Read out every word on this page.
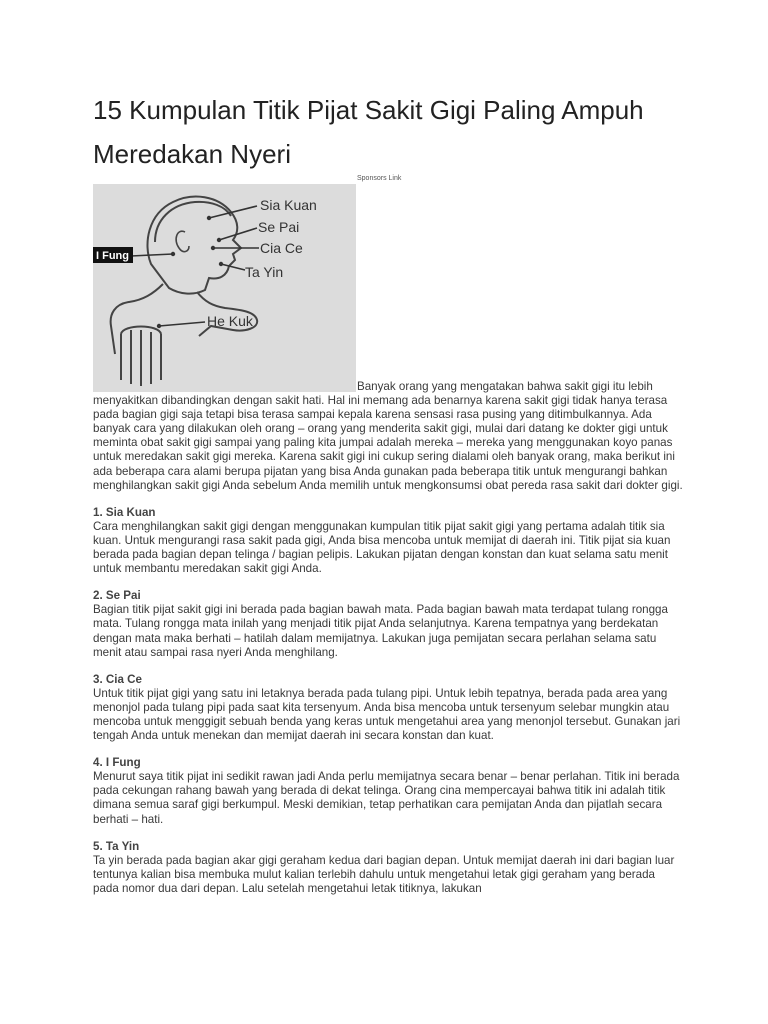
15 Kumpulan Titik Pijat Sakit Gigi Paling Ampuh Meredakan Nyeri
Sponsors Link
Sia Kuan
Se Pai
Cia Ce
Ta Yin
He Kuk
I Fung

Banyak orang yang mengatakan bahwa sakit gigi itu lebih menyakitkan dibandingkan dengan sakit hati. Hal ini memang ada benarnya karena sakit gigi tidak hanya terasa pada bagian gigi saja tetapi bisa terasa sampai kepala karena sensasi rasa pusing yang ditimbulkannya. Ada banyak cara yang dilakukan oleh orang – orang yang menderita sakit gigi, mulai dari datang ke dokter gigi untuk meminta obat sakit gigi sampai yang paling kita jumpai adalah mereka – mereka yang menggunakan koyo panas untuk meredakan sakit gigi mereka. Karena sakit gigi ini cukup sering dialami oleh banyak orang, maka berikut ini ada beberapa cara alami berupa pijatan yang bisa Anda gunakan pada beberapa titik untuk mengurangi bahkan menghilangkan sakit gigi Anda sebelum Anda memilih untuk mengkonsumsi obat pereda rasa sakit dari dokter gigi.

1. Sia Kuan

Cara menghilangkan sakit gigi dengan menggunakan kumpulan titik pijat sakit gigi yang pertama adalah titik sia kuan. Untuk mengurangi rasa sakit pada gigi, Anda bisa mencoba untuk memijat di daerah ini. Titik pijat sia kuan berada pada bagian depan telinga / bagian pelipis. Lakukan pijatan dengan konstan dan kuat selama satu menit untuk membantu meredakan sakit gigi Anda.

2. Se Pai

Bagian titik pijat sakit gigi ini berada pada bagian bawah mata. Pada bagian bawah mata terdapat tulang rongga mata. Tulang rongga mata inilah yang menjadi titik pijat Anda selanjutnya. Karena tempatnya yang berdekatan dengan mata maka berhati – hatilah dalam memijatnya. Lakukan juga pemijatan secara perlahan selama satu menit atau sampai rasa nyeri Anda menghilang.

3. Cia Ce

Untuk titik pijat gigi yang satu ini letaknya berada pada tulang pipi. Untuk lebih tepatnya, berada pada area yang menonjol pada tulang pipi pada saat kita tersenyum. Anda bisa mencoba untuk tersenyum selebar mungkin atau mencoba untuk menggigit sebuah benda yang keras untuk mengetahui area yang menonjol tersebut. Gunakan jari tengah Anda untuk menekan dan memijat daerah ini secara konstan dan kuat.

4. I Fung

Menurut saya titik pijat ini sedikit rawan jadi Anda perlu memijatnya secara benar – benar perlahan. Titik ini berada pada cekungan rahang bawah yang berada di dekat telinga. Orang cina mempercayai bahwa titik ini adalah titik dimana semua saraf gigi berkumpul. Meski demikian, tetap perhatikan cara pemijatan Anda dan pijatlah secara berhati – hati.

5. Ta Yin

Ta yin berada pada bagian akar gigi geraham kedua dari bagian depan. Untuk memijat daerah ini dari bagian luar tentunya kalian bisa membuka mulut kalian terlebih dahulu untuk mengetahui letak gigi geraham yang berada pada nomor dua dari depan. Lalu setelah mengetahui letak titiknya, lakukan
